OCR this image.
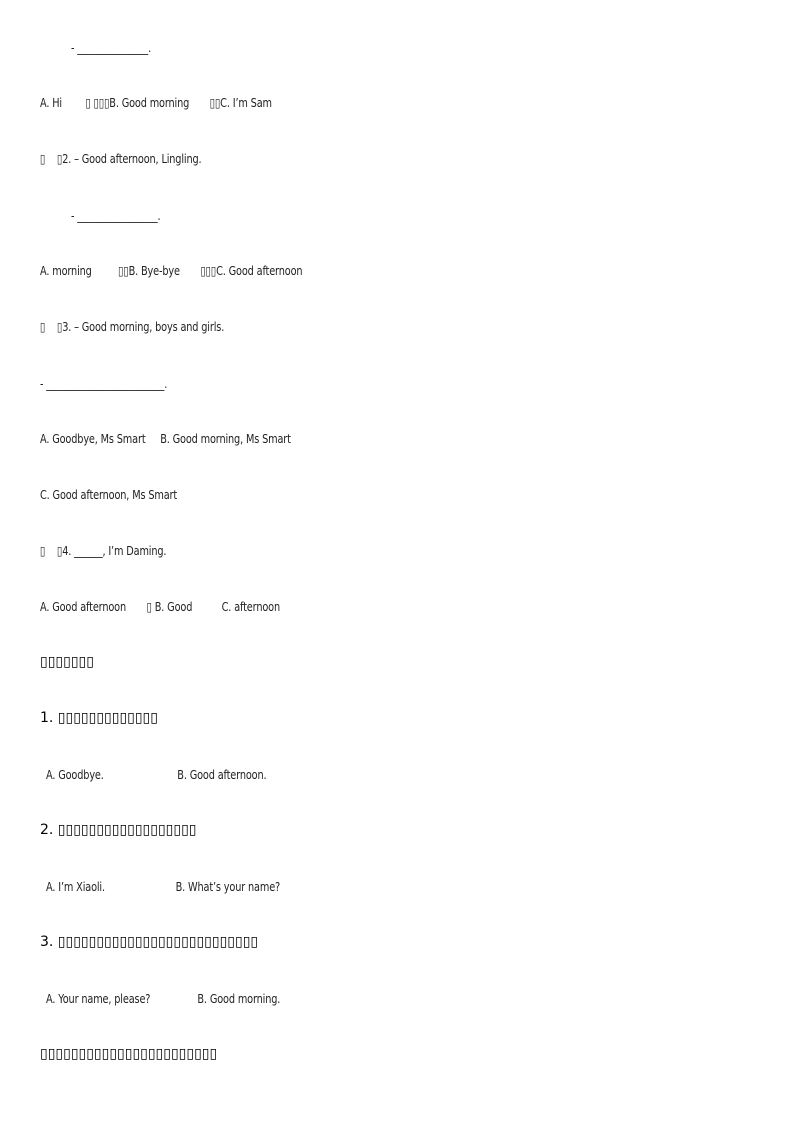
- _______________.
A. Hi        ▯ ▯▯▯B. Good morning       ▯▯C. I’m Sam
▯    ▯2. – Good afternoon, Lingling.
- _________________.
A. morning         ▯▯B. Bye-bye       ▯▯▯C. Good afternoon
▯    ▯3. – Good morning, boys and girls.
- _________________________.
A. Goodbye, Ms Smart     B. Good morning, Ms Smart
C. Good afternoon, Ms Smart
▯    ▯4. ______, I’m Daming.
A. Good afternoon       ▯ B. Good          C. afternoon
▯▯▯▯▯▯▯
1. ▯▯▯▯▯▯▯▯▯▯▯▯▯
A. Goodbye.                         B. Good afternoon.
2. ▯▯▯▯▯▯▯▯▯▯▯▯▯▯▯▯▯▯
A. I’m Xiaoli.                        B. What’s your name?
3. ▯▯▯▯▯▯▯▯▯▯▯▯▯▯▯▯▯▯▯▯▯▯▯▯▯▯
A. Your name, please?                B. Good morning.
▯▯▯▯▯▯▯▯▯▯▯▯▯▯▯▯▯▯▯▯▯▯▯
